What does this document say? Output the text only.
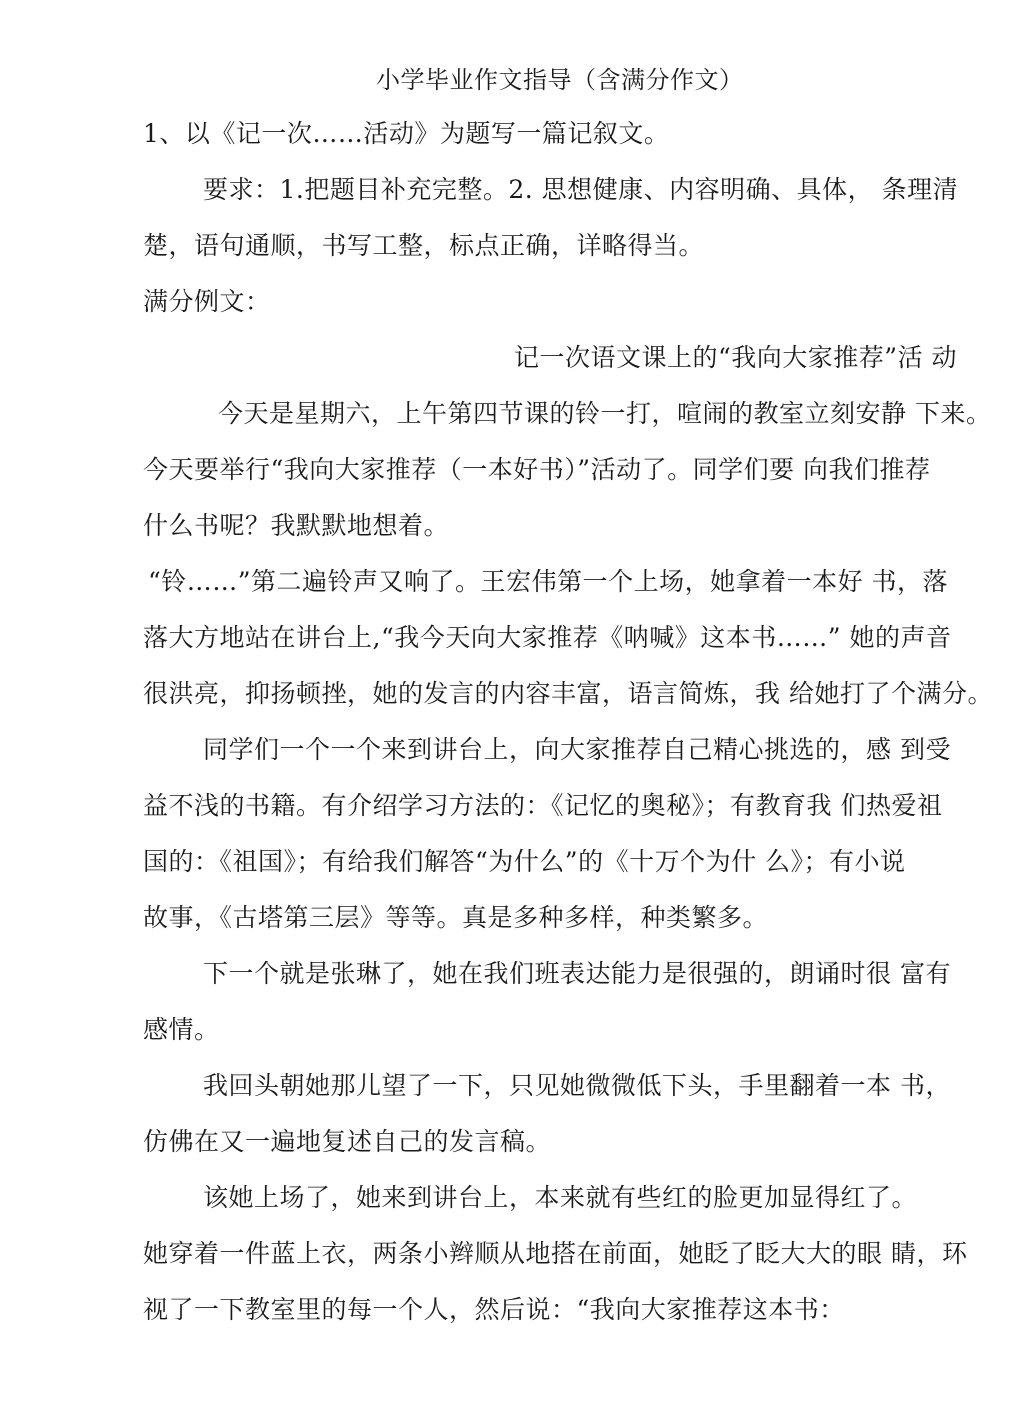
小学毕业作文指导（含满分作文）
1、以《记一次……活动》为题写一篇记叙文。
要求：1.把题目补充完整。2. 思想健康、内容明确、具体， 条理清
楚，语句通顺，书写工整，标点正确，详略得当。
满分例文：
记一次语文课上的“我向大家推荐”活 动
今天是星期六，上午第四节课的铃一打，喧闹的教室立刻安静 下来。
今天要举行“我向大家推荐（一本好书）”活动了。同学们要 向我们推荐
什么书呢？我默默地想着。
“铃……”第二遍铃声又响了。王宏伟第一个上场，她拿着一本好 书，落
落大方地站在讲台上,“我今天向大家推荐《呐喊》这本书……” 她的声音
很洪亮，抑扬顿挫，她的发言的内容丰富，语言简炼，我 给她打了个满分。
同学们一个一个来到讲台上，向大家推荐自己精心挑选的，感 到受
益不浅的书籍。有介绍学习方法的：《记忆的奥秘》；有教育我 们热爱祖
国的：《祖国》；有给我们解答“为什么”的《十万个为什 么》；有小说
故事，《古塔第三层》等等。真是多种多样，种类繁多。
下一个就是张琳了，她在我们班表达能力是很强的，朗诵时很 富有
感情。
我回头朝她那儿望了一下，只见她微微低下头，手里翻着一本 书，
仿佛在又一遍地复述自己的发言稿。
该她上场了，她来到讲台上，本来就有些红的脸更加显得红了。
她穿着一件蓝上衣，两条小辫顺从地搭在前面，她眨了眨大大的眼 睛，环
视了一下教室里的每一个人，然后说：“我向大家推荐这本书：
